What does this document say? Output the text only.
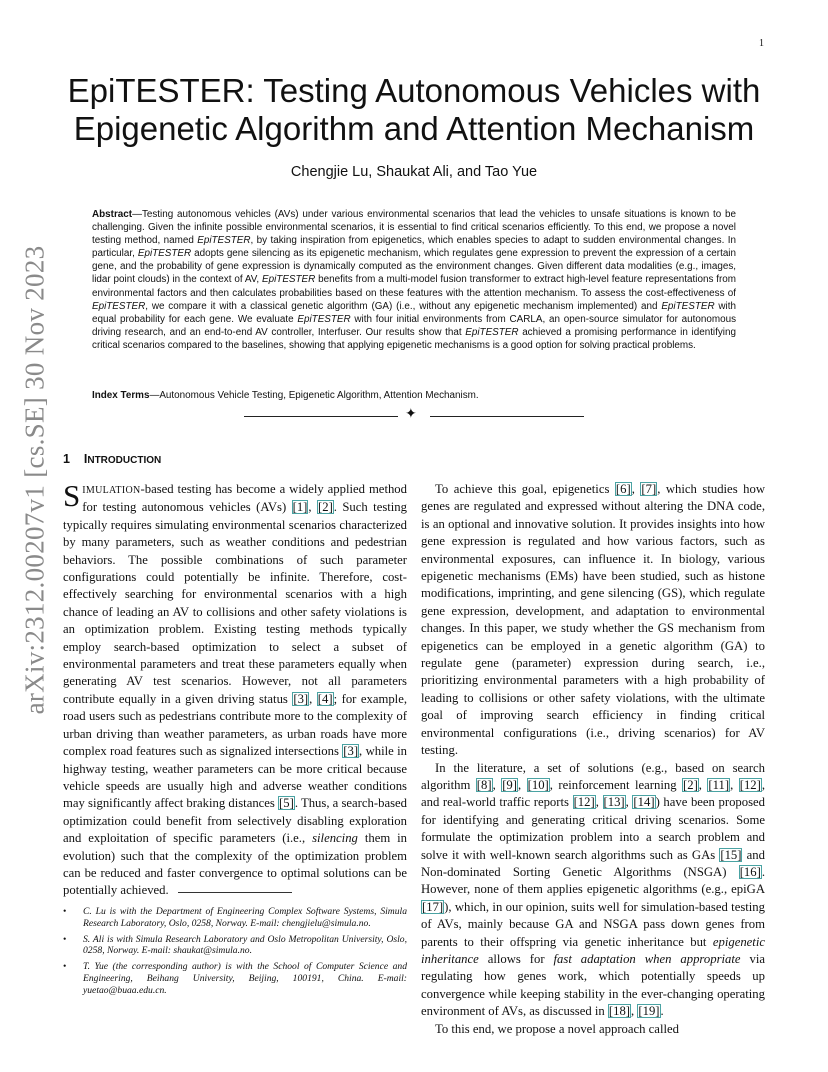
1
arXiv:2312.00207v1 [cs.SE] 30 Nov 2023
EpiTESTER: Testing Autonomous Vehicles with
Epigenetic Algorithm and Attention Mechanism
Chengjie Lu, Shaukat Ali, and Tao Yue
Abstract—Testing autonomous vehicles (AVs) under various environmental scenarios that lead the vehicles to unsafe situations is known to be challenging. Given the infinite possible environmental scenarios, it is essential to find critical scenarios efficiently. To this end, we propose a novel testing method, named EpiTESTER, by taking inspiration from epigenetics, which enables species to adapt to sudden environmental changes. In particular, EpiTESTER adopts gene silencing as its epigenetic mechanism, which regulates gene expression to prevent the expression of a certain gene, and the probability of gene expression is dynamically computed as the environment changes. Given different data modalities (e.g., images, lidar point clouds) in the context of AV, EpiTESTER benefits from a multi-model fusion transformer to extract high-level feature representations from environmental factors and then calculates probabilities based on these features with the attention mechanism. To assess the cost-effectiveness of EpiTESTER, we compare it with a classical genetic algorithm (GA) (i.e., without any epigenetic mechanism implemented) and EpiTESTER with equal probability for each gene. We evaluate EpiTESTER with four initial environments from CARLA, an open-source simulator for autonomous driving research, and an end-to-end AV controller, Interfuser. Our results show that EpiTESTER achieved a promising performance in identifying critical scenarios compared to the baselines, showing that applying epigenetic mechanisms is a good option for solving practical problems.
Index Terms—Autonomous Vehicle Testing, Epigenetic Algorithm, Attention Mechanism.
✦
1 INTRODUCTION

SIMULATION-based testing has become a widely applied method for testing autonomous vehicles (AVs) [1], [2]. Such testing typically requires simulating environmental scenarios characterized by many parameters, such as weather conditions and pedestrian behaviors. The possible combinations of such parameter configurations could potentially be infinite. Therefore, cost-effectively searching for environmental scenarios with a high chance of leading an AV to collisions and other safety violations is an optimization problem. Existing testing methods typically employ search-based optimization to select a subset of environmental parameters and treat these parameters equally when generating AV test scenarios. However, not all parameters contribute equally in a given driving status [3], [4]; for example, road users such as pedestrians contribute more to the complexity of urban driving than weather parameters, as urban roads have more complex road features such as signalized intersections [3], while in highway testing, weather parameters can be more critical because vehicle speeds are usually high and adverse weather conditions may significantly affect braking distances [5]. Thus, a search-based optimization could benefit from selectively disabling exploration and exploitation of specific parameters (i.e., silencing them in evolution) such that the complexity of the optimization problem can be reduced and faster convergence to optimal solutions can be potentially achieved.

• C. Lu is with the Department of Engineering Complex Software Systems, Simula Research Laboratory, Oslo, 0258, Norway. E-mail: chengjielu@simula.no.
• S. Ali is with Simula Research Laboratory and Oslo Metropolitan University, Oslo, 0258, Norway. E-mail: shaukat@simula.no.
• T. Yue (the corresponding author) is with the School of Computer Science and Engineering, Beihang University, Beijing, 100191, China. E-mail: yuetao@buaa.edu.cn.

To achieve this goal, epigenetics [6], [7], which studies how genes are regulated and expressed without altering the DNA code, is an optional and innovative solution. It provides insights into how gene expression is regulated and how various factors, such as environmental exposures, can influence it. In biology, various epigenetic mechanisms (EMs) have been studied, such as histone modifications, imprinting, and gene silencing (GS), which regulate gene expression, development, and adaptation to environmental changes. In this paper, we study whether the GS mechanism from epigenetics can be employed in a genetic algorithm (GA) to regulate gene (parameter) expression during search, i.e., prioritizing environmental parameters with a high probability of leading to collisions or other safety violations, with the ultimate goal of improving search efficiency in finding critical environmental configurations (i.e., driving scenarios) for AV testing.

In the literature, a set of solutions (e.g., based on search algorithm [8], [9], [10], reinforcement learning [2], [11], [12], and real-world traffic reports [12], [13], [14]) have been proposed for identifying and generating critical driving scenarios. Some formulate the optimization problem into a search problem and solve it with well-known search algorithms such as GAs [15] and Non-dominated Sorting Genetic Algorithms (NSGA) [16]. However, none of them applies epigenetic algorithms (e.g., epiGA [17]), which, in our opinion, suits well for simulation-based testing of AVs, mainly because GA and NSGA pass down genes from parents to their offspring via genetic inheritance but epigenetic inheritance allows for fast adaptation when appropriate via regulating how genes work, which potentially speeds up convergence while keeping stability in the ever-changing operating environment of AVs, as discussed in [18], [19].

To this end, we propose a novel approach called
